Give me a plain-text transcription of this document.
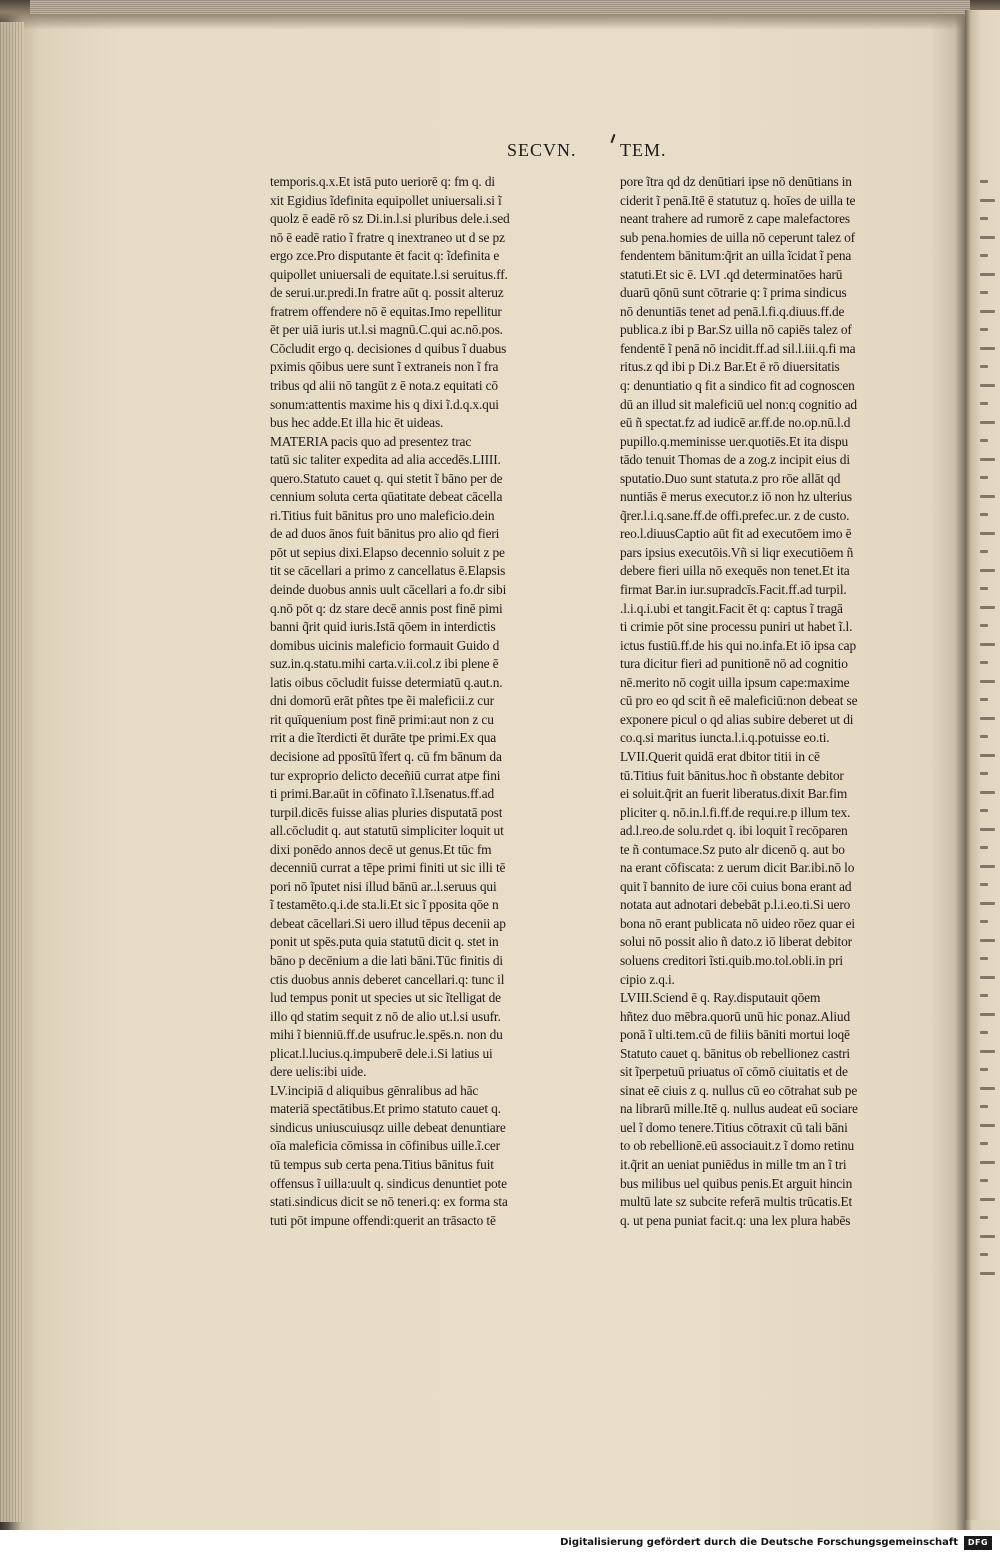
SECVN. TEM.
temporis.q.x.Et istā puto ueriorē q: fm q. di
xit Egidius ĩdefinita equipollet uniuersali.si ĩ
quolz ē eadē rō sz Di.in.l.si pluribus dele.i.sed
nō ē eadē ratio ĩ fratre q inextraneo ut d se pz
ergo zce.Pro disputante ēt facit q: ĩdefinita e
quipollet uniuersali de equitate.l.si seruitus.ff.
de serui.ur.predi.In fratre aūt q. possit alteruz
fratrem offendere nō ē equitas.Imo repellitur
ēt per uiā iuris ut.l.si magnū.C.qui ac.nō.pos.
Cōcludit ergo q. decisiones d quibus ĩ duabus
pximis qōibus uere sunt ĩ extraneis non ĩ fra
tribus qd alii nō tangūt z ē nota.z equitati cō
sonum:attentis maxime his q dixi ĩ.d.q.x.qui
bus hec adde.Et illa hic ēt uideas.
MATERIA pacis quo ad presentez trac
tatū sic taliter expedita ad alia accedēs.LIIII.
quero.Statuto cauet q. qui stetit ĩ bāno per de
cennium soluta certa qūatitate debeat cācella
ri.Titius fuit bānitus pro uno maleficio.dein
de ad duos ānos fuit bānitus pro alio qd fieri
pōt ut sepius dixi.Elapso decennio soluit z pe
tit se cācellari a primo z cancellatus ē.Elapsis
deinde duobus annis uult cācellari a fo.dr sibi
q.nō pōt q: dz stare decē annis post finē pimi
banni q̃rit quid iuris.Istā qōem in interdictis
domibus uicinis maleficio formauit Guido d
suz.in.q.statu.mihi carta.v.ii.col.z ibi plene ē
latis oibus cōcludit fuisse determiatū q.aut.n.
dni domorū erāt pñtes tpe ẽi maleficii.z cur
rit quīquenium post finē primi:aut non z cu
rrit a die ĩterdicti ēt durāte tpe primi.Ex qua
decisione ad pposītū ĩfert q. cū fm bānum da
tur exproprio delicto deceñiū currat atpe fini
ti primi.Bar.aūt in cōfinato ĩ.l.ĩsenatus.ff.ad
turpil.dicēs fuisse alias pluries disputatā post
all.cōcludit q. aut statutū simpliciter loquit ut
dixi ponēdo annos decē ut genus.Et tūc fm
decenniū currat a tēpe primi finiti ut sic illi tē
pori nō ĩputet nisi illud bānū ar..l.seruus qui
ĩ testamēto.q.i.de sta.li.Et sic ĩ pposita qōe n
debeat cācellari.Si uero illud tēpus decenii ap
ponit ut spēs.puta quia statutū dicit q. stet in
bāno p decēnium a die lati bāni.Tūc finitis di
ctis duobus annis deberet cancellari.q: tunc il
lud tempus ponit ut species ut sic ĩtelligat de
illo qd statim sequit z nō de alio ut.l.si usufr.
mihi ĩ bienniū.ff.de usufruc.le.spēs.n. non du
plicat.l.lucius.q.impuberē dele.i.Si latius ui
dere uelis:ibi uide.
LV.incipiā d aliquibus gēnralibus ad hāc
materiā spectātibus.Et primo statuto cauet q.
sindicus uniuscuiusqz uille debeat denuntiare
oīa maleficia cōmissa in cōfinibus uille.ĩ.cer
tū tempus sub certa pena.Titius bānitus fuit
offensus ĩ uilla:uult q. sindicus denuntiet pote
stati.sindicus dicit se nō teneri.q: ex forma sta
tuti pōt impune offendi:querit an trāsacto tē
pore ĩtra qd dz denūtiari ipse nō denūtians in
ciderit ĩ penā.Itē ē statutuz q. hoīes de uilla te
neant trahere ad rumorē z cape malefactores
sub pena.homies de uilla nō ceperunt talez of
fendentem bānitum:q̃rit an uilla ĩcidat ĩ pena
statuti.Et sic ē. LVI .qd determinatōes harū
duarū qōnū sunt cōtrarie q: ĩ prima sindicus
nō denuntiās tenet ad penā.l.fi.q.diuus.ff.de
publica.z ibi p Bar.Sz uilla nō capiēs talez of
fendentē ĩ penā nō incidit.ff.ad sil.l.iii.q.fi ma
ritus.z qd ibi p Di.z Bar.Et ē rō diuersitatis
q: denuntiatio q fit a sindico fit ad cognoscen
dū an illud sit maleficiū uel non:q cognitio ad
eū ñ spectat.fz ad iudicē ar.ff.de no.op.nū.l.d
pupillo.q.meminisse uer.quotiēs.Et ita dispu
tādo tenuit Thomas de a zog.z incipit eius di
sputatio.Duo sunt statuta.z pro rōe allāt qd
nuntiās ē merus executor.z iō non hz ulterius
q̃rer.l.i.q.sane.ff.de offi.prefec.ur. z de custo.
reo.l.diuusCaptio aūt fit ad executōem imo ē
pars ipsius executōis.Vñ si liqr executiōem ñ
debere fieri uilla nō exequēs non tenet.Et ita
firmat Bar.in iur.supradcīs.Facit.ff.ad turpil.
.l.i.q.i.ubi et tangit.Facit ēt q: captus ĩ tragā
ti crimie pōt sine processu puniri ut habet ĩ.l.
ictus fustiū.ff.de his qui no.infa.Et iō ipsa cap
tura dicitur fieri ad punitionē nō ad cognitio
nē.merito nō cogit uilla ipsum cape:maxime
cū pro eo qd scit ñ eē maleficiū:non debeat se
exponere picul o qd alias subire deberet ut di
co.q.si maritus iuncta.l.i.q.potuisse eo.ti.
LVII.Querit quidā erat dbitor titii in cē
tū.Titius fuit bānitus.hoc ñ obstante debitor
ei soluit.q̃rit an fuerit liberatus.dixit Bar.fim
pliciter q. nō.in.l.fi.ff.de requi.re.p illum tex.
ad.l.reo.de solu.rdet q. ibi loquit ĩ recōparen
te ñ contumace.Sz puto alr dicenō q. aut bo
na erant cōfiscata: z uerum dicit Bar.ibi.nō lo
quit ĩ bannito de iure cōi cuius bona erant ad
notata aut adnotari debebāt p.l.i.eo.ti.Si uero
bona nō erant publicata nō uideo rōez quar ei
solui nō possit alio ñ dato.z iō liberat debitor
soluens creditori ĩsti.quib.mo.tol.obli.in pri
cipio z.q.i.
LVIII.Sciend ē q. Ray.disputauit qōem
hñtez duo mēbra.quorū unū hic ponaz.Aliud
ponā ĩ ulti.tem.cū de filiis bāniti mortui loqē
Statuto cauet q. bānitus ob rebellionez castri
sit ĩperpetuū priuatus oī cōmō ciuitatis et de
sinat eē ciuis z q. nullus cū eo cōtrahat sub pe
na librarū mille.Itē q. nullus audeat eū sociare
uel ĩ domo tenere.Titius cōtraxit cū tali bāni
to ob rebellionē.eū associauit.z ĩ domo retinu
it.q̃rit an ueniat puniēdus in mille tm an ĩ tri
bus milibus uel quibus penis.Et arguit hincin
multū late sz subcite referā multis trūcatis.Et
q. ut pena puniat facit.q: una lex plura habēs
Digitalisierung gefördert durch die Deutsche Forschungsgemeinschaft	DFG
